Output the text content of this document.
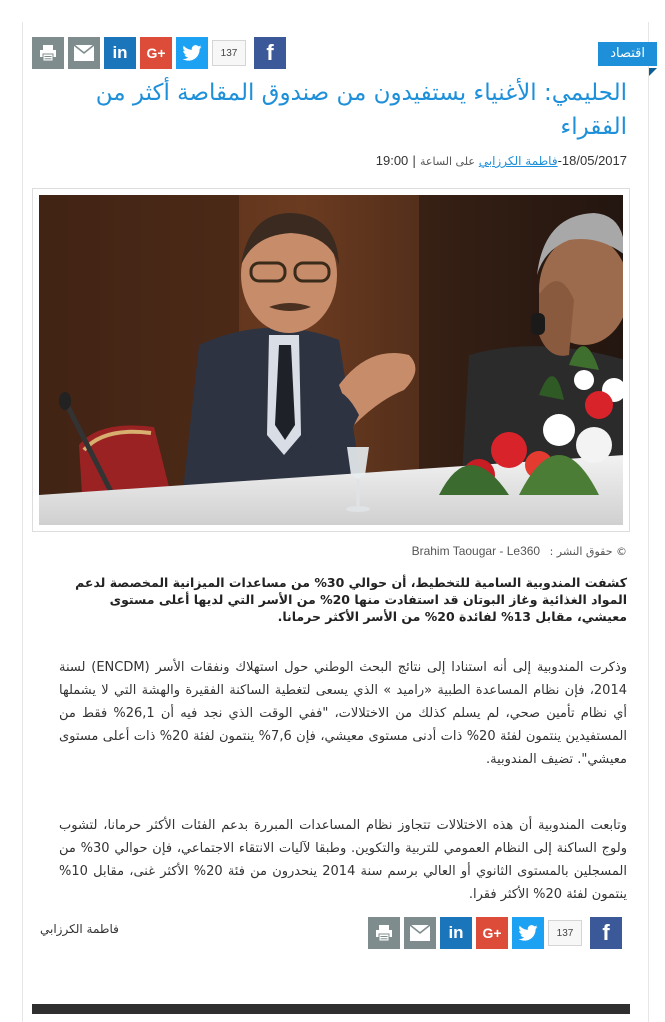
in G+	137	f	اقتصاد
الحليمي: الأغنياء يستفيدون من صندوق المقاصة أكثر من الفقراء
18/05/2017-فاطمة الكرزابي على الساعة | 19:00
© حقوق النشر : Brahim Taougar - Le360

كشفت المندوبية السامية للتخطيط، أن حوالي 30% من مساعدات الميزانية المخصصة لدعم المواد الغذائية وغاز البوتان قد استفادت منها 20% من الأسر التي لديها أعلى مستوى معيشي، مقابل 13% لفائدة 20% من الأسر الأكثر حرمانا.

وذكرت المندوبية إلى أنه استنادا إلى نتائج البحث الوطني حول استهلاك ونفقات الأسر (ENCDM) لسنة 2014، فإن نظام المساعدة الطبية «راميد » الذي يسعى لتغطية الساكنة الفقيرة والهشة التي لا يشملها أي نظام تأمين صحي، لم يسلم كذلك من الاختلالات، "ففي الوقت الذي نجد فيه أن 26,1% فقط من المستفيدين ينتمون لفئة 20% ذات أدنى مستوى معيشي، فإن 7,6% ينتمون لفئة 20% ذات أعلى مستوى معيشي". تضيف المندوبية.

وتابعت المندوبية أن هذه الاختلالات تتجاوز نظام المساعدات المبررة بدعم الفئات الأكثر حرمانا، لتشوب ولوج الساكنة إلى النظام العمومي للتربية والتكوين. وطبقا لآليات الانتقاء الاجتماعي، فإن حوالي 30% من المسجلين بالمستوى الثانوي أو العالي برسم سنة 2014 ينحدرون من فئة 20% الأكثر غنى، مقابل 10% ينتمون لفئة 20% الأكثر فقرا.

فاطمة الكرزابي	in G+	137	f
